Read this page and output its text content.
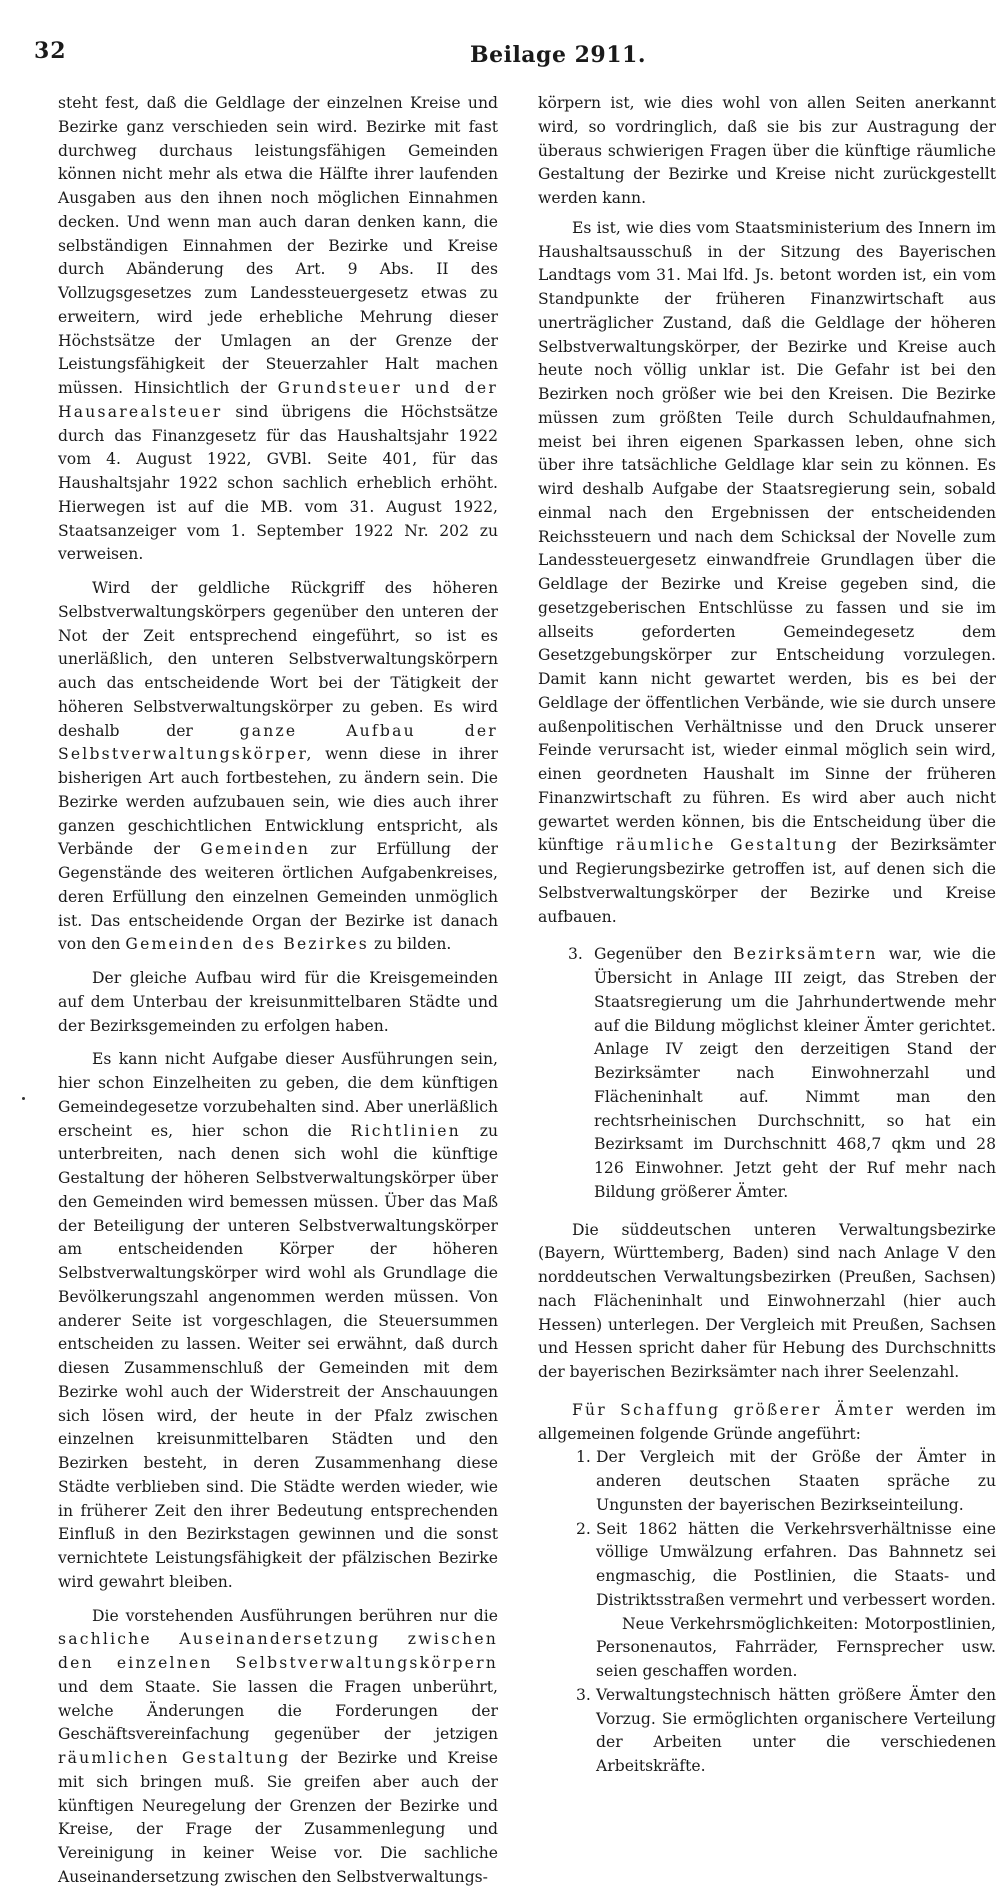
32	Beilage 2911.

steht fest, daß die Geldlage der einzelnen Kreise und Bezirke ganz verschieden sein wird. Bezirke mit fast durchweg durchaus leistungsfähigen Gemeinden können nicht mehr als etwa die Hälfte ihrer laufenden Ausgaben aus den ihnen noch möglichen Einnahmen decken. Und wenn man auch daran denken kann, die selbständigen Einnahmen der Bezirke und Kreise durch Abänderung des Art. 9 Abs. II des Vollzugsgesetzes zum Landessteuergesetz etwas zu erweitern, wird jede erhebliche Mehrung dieser Höchstsätze der Umlagen an der Grenze der Leistungsfähigkeit der Steuerzahler Halt machen müssen. Hinsichtlich der Grundsteuer und der Hausarealsteuer sind übrigens die Höchstsätze durch das Finanzgesetz für das Haushaltsjahr 1922 vom 4. August 1922, GVBl. Seite 401, für das Haushaltsjahr 1922 schon sachlich erheblich erhöht. Hierwegen ist auf die MB. vom 31. August 1922, Staatsanzeiger vom 1. September 1922 Nr. 202 zu verweisen.

Wird der geldliche Rückgriff des höheren Selbstverwaltungskörpers gegenüber den unteren der Not der Zeit entsprechend eingeführt, so ist es unerläßlich, den unteren Selbstverwaltungskörpern auch das entscheidende Wort bei der Tätigkeit der höheren Selbstverwaltungskörper zu geben. Es wird deshalb der	ganze Aufbau der Selbstverwaltungskörper, wenn diese in ihrer bisherigen Art auch fortbestehen, zu ändern sein. Die Bezirke werden aufzubauen sein, wie dies auch ihrer ganzen geschichtlichen Entwicklung entspricht, als Verbände der Gemeinden zur Erfüllung der Gegenstände des weiteren örtlichen Aufgabenkreises, deren Erfüllung den einzelnen Gemeinden unmöglich ist. Das entscheidende Organ der Bezirke ist danach von den Gemeinden des Bezirkes zu bilden.

Der gleiche Aufbau wird für die Kreisgemeinden auf dem Unterbau der kreisunmittelbaren Städte und der Bezirksgemeinden zu erfolgen haben.

Es kann nicht Aufgabe dieser Ausführungen sein, hier schon Einzelheiten zu geben, die dem künftigen Gemeindegesetze vorzubehalten sind. Aber unerläßlich erscheint es, hier schon die Richtlinien zu unterbreiten, nach denen sich wohl die künftige Gestaltung der höheren Selbstverwaltungskörper über den Gemeinden wird bemessen müssen. Über das Maß der Beteiligung der unteren Selbstverwaltungskörper am entscheidenden Körper der höheren Selbstverwaltungskörper wird wohl als Grundlage die Bevölkerungszahl angenommen werden müssen. Von anderer Seite ist vorgeschlagen, die Steuersummen entscheiden zu lassen. Weiter sei erwähnt, daß durch diesen Zusammenschluß der Gemeinden mit dem Bezirke wohl auch der Widerstreit der Anschauungen sich lösen wird, der heute in der Pfalz zwischen einzelnen kreisunmittelbaren Städten und den Bezirken besteht, in deren Zusammenhang diese Städte verblieben sind. Die Städte werden wieder, wie in früherer Zeit den ihrer Bedeutung entsprechenden Einfluß in den Bezirkstagen gewinnen und die sonst vernichtete Leistungsfähigkeit der pfälzischen Bezirke wird gewahrt bleiben.

Die vorstehenden Ausführungen berühren nur die sachliche Auseinandersetzung zwischen den einzelnen Selbstverwaltungskörpern und dem Staate. Sie lassen die Fragen unberührt, welche Änderungen die Forderungen der Geschäftsvereinfachung gegenüber der jetzigen räumlichen Gestaltung der Bezirke und Kreise mit sich bringen muß. Sie greifen aber auch der künftigen Neuregelung der Grenzen der Bezirke und Kreise, der Frage der Zusammenlegung und Vereinigung in keiner Weise vor. Die sachliche Auseinandersetzung zwischen den Selbstverwaltungs-

körpern ist, wie dies wohl von allen Seiten anerkannt wird, so vordringlich, daß sie bis zur Austragung der überaus schwierigen Fragen über die künftige räumliche Gestaltung der Bezirke und Kreise nicht zurückgestellt werden kann.

Es ist, wie dies vom Staatsministerium des Innern im Haushaltsausschuß in der Sitzung des Bayerischen Landtags vom 31. Mai lfd. Js. betont worden ist, ein vom Standpunkte der früheren Finanzwirtschaft aus unerträglicher Zustand, daß die Geldlage der höheren Selbstverwaltungskörper, der Bezirke und Kreise auch heute noch völlig unklar ist. Die Gefahr ist bei den Bezirken noch größer wie bei den Kreisen. Die Bezirke müssen zum größten Teile durch Schuldaufnahmen, meist bei ihren eigenen Sparkassen leben, ohne sich über ihre tatsächliche Geldlage klar sein zu können. Es wird deshalb Aufgabe der Staatsregierung sein, sobald einmal nach den Ergebnissen der entscheidenden Reichssteuern und nach dem Schicksal der Novelle zum Landessteuergesetz einwandfreie Grundlagen über die Geldlage der Bezirke und Kreise gegeben sind, die gesetzgeberischen Entschlüsse zu fassen und sie im allseits geforderten Gemeindegesetz dem Gesetzgebungskörper zur Entscheidung vorzulegen. Damit kann nicht gewartet werden, bis es bei der Geldlage der öffentlichen Verbände, wie sie durch unsere außenpolitischen Verhältnisse und den Druck unserer Feinde verursacht ist, wieder einmal möglich sein wird, einen geordneten Haushalt im Sinne der früheren Finanzwirtschaft zu führen. Es wird aber auch nicht gewartet werden können, bis die Entscheidung über die künftige räumliche Gestaltung der Bezirksämter und Regierungsbezirke getroffen ist, auf denen sich die Selbstverwaltungskörper der Bezirke und Kreise aufbauen.

3. Gegenüber den Bezirksämtern war, wie die Übersicht in Anlage III zeigt, das Streben der Staatsregierung um die Jahrhundertwende mehr auf die Bildung möglichst kleiner Ämter gerichtet. Anlage IV zeigt den derzeitigen Stand der Bezirksämter nach Einwohnerzahl und Flächeninhalt auf. Nimmt man den rechtsrheinischen Durchschnitt, so hat ein Bezirksamt im Durchschnitt 468,7 qkm und 28 126 Einwohner. Jetzt geht der Ruf mehr nach Bildung größerer Ämter.

Die süddeutschen unteren Verwaltungsbezirke (Bayern, Württemberg, Baden) sind nach Anlage V den norddeutschen Verwaltungsbezirken (Preußen, Sachsen) nach Flächeninhalt und Einwohnerzahl (hier auch Hessen) unterlegen. Der Vergleich mit Preußen, Sachsen und Hessen spricht daher für Hebung des Durchschnitts der bayerischen Bezirksämter nach ihrer Seelenzahl.

Für Schaffung größerer Ämter werden im allgemeinen folgende Gründe angeführt:

1. Der Vergleich mit der Größe der Ämter in anderen deutschen Staaten spräche zu Ungunsten der bayerischen Bezirkseinteilung.

2. Seit 1862 hätten die Verkehrsverhältnisse eine völlige Umwälzung erfahren. Das Bahnnetz sei engmaschig, die Postlinien, die Staats- und Distriktsstraßen vermehrt und verbessert worden.

Neue Verkehrsmöglichkeiten: Motorpostlinien, Personenautos, Fahrräder, Fernsprecher usw. seien geschaffen worden.

3. Verwaltungstechnisch hätten größere Ämter den Vorzug. Sie ermöglichten organischere Verteilung der Arbeiten unter die verschiedenen Arbeitskräfte.
